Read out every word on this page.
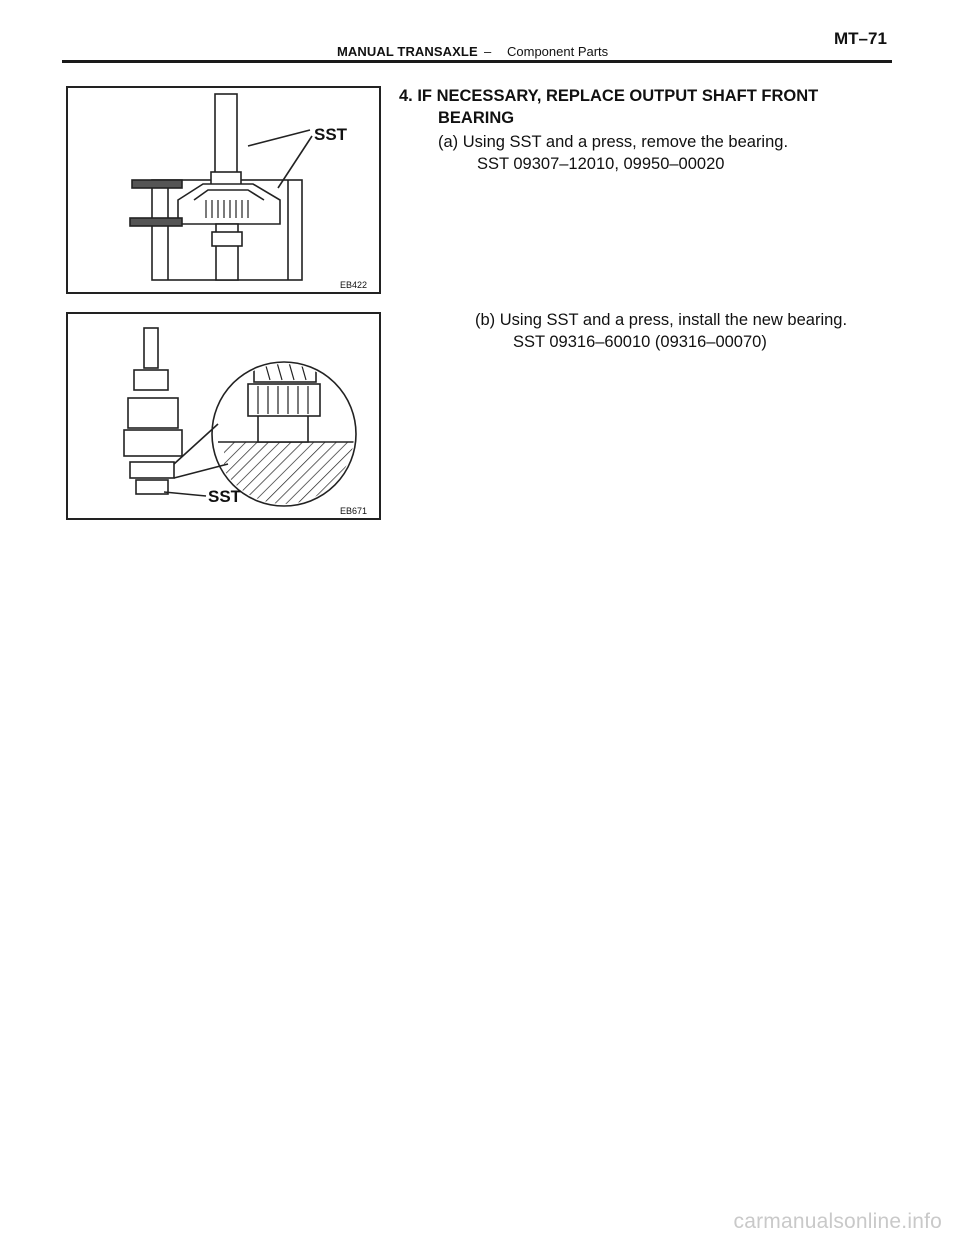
MANUAL TRANSAXLE – Component Parts
MT–71
SST
EB422
SST
EB671
4. IF NECESSARY, REPLACE OUTPUT SHAFT FRONT
BEARING
(a) Using SST and a press, remove the bearing.
SST 09307–12010, 09950–00020
(b) Using SST and a press, install the new bearing.
SST 09316–60010 (09316–00070)
carmanualsonline.info
